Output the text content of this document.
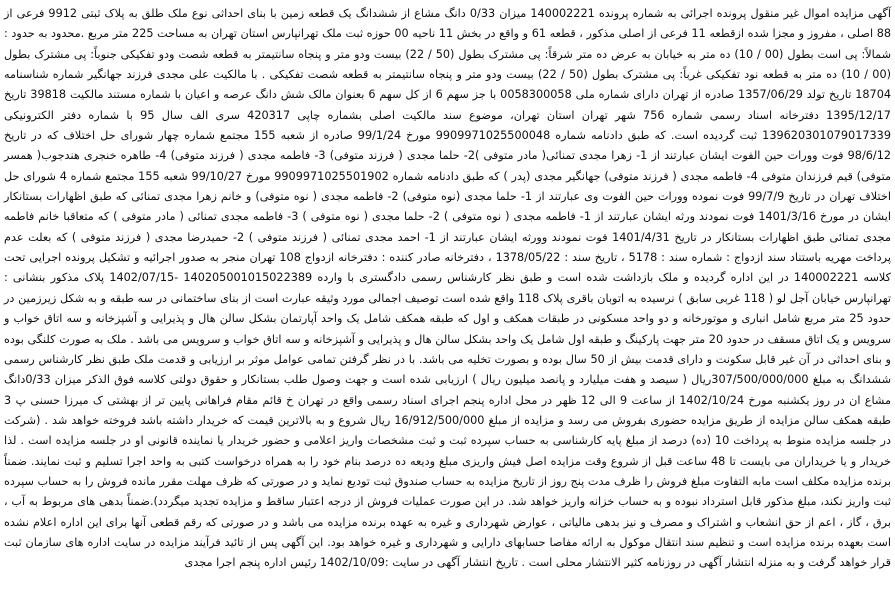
آگهی مزایده اموال غیر منقول پرونده اجرائی به شماره پرونده 140002221 میزان 0/33 دانگ مشاع از ششدانگ یک قطعه زمین با بنای احداثی نوع ملک طلق به پلاک ثبتی 9912 فرعی از 88 اصلی ، مفروز و مجزا شده ازقطعه 11 فرعی از اصلی مذکور ، قطعه 61 و واقع در بخش 11 ناحیه 00 حوزه ثبت ملک تهرانپارس استان تهران به مساحت 225 متر مربع .محدود به حدود : شمالاً: پی است بطول (00 / 10) ده متر به خیابان به عرض ده متر شرقاً: پی مشترک بطول (50 / 22) بیست ودو متر و پنجاه سانتیمتر به قطعه شصت ودو تفکیکی جنوباً: پی مشترک بطول (00 / 10) ده متر به قطعه نود تفکیکی غرباً: پی مشترک بطول (50 / 22) بیست ودو متر و پنجاه سانتیمتر به قطعه شصت تفکیکی . با مالکیت علی مجدی فرزند جهانگیر شماره شناسنامه 18704 تاریخ تولد 1357/06/29 صادره از تهران دارای شماره ملی 0058300058 با جز سهم 6 از کل سهم 6 بعنوان مالک شش دانگ عرصه و اعیان با شماره مستند مالکیت 39818 تاریخ 1395/12/17 دفترخانه اسناد رسمی شماره 756 شهر تهران استان تهران، موضوع سند مالکیت اصلی بشماره چاپی 420317 سری الف سال 95 با شماره دفتر الکترونیکی 139620301079017339 ثبت گردیده است. که طبق دادنامه شماره 9909971025500048 مورخ 99/1/24 صادره از شعبه 155 مجتمع شماره چهار شورای حل اختلاف که در تاریخ 98/6/12 فوت وورات حین الفوت ایشان عبارتند از 1- زهرا مجدی تمنائی( مادر متوفی )2- حلما مجدی ( فرزند متوفی) 3- فاطمه مجدی ( فرزند متوفی) 4- طاهره خنجری هندجوب( همسر متوفی) قیم فرزندان متوفی 4- فاطمه مجدی ( فرزند متوفی) جهانگیر مجدی (پدر ) که طبق دادنامه شماره 9909971025501902 مورخ 99/10/27 شعبه 155 مجتمع شماره 4 شورای حل اختلاف تهران در تاریخ 99/7/9 فوت نموده وورات حین الفوت وی عبارتند از 1- حلما مجدی (نوه متوفی) 2- فاطمه مجدی ( نوه متوفی) و خانم زهرا مجدی تمنائی که طبق اظهارات بستانکار ایشان در مورخ 1401/3/16 فوت نمودند ورثه ایشان عبارتند از 1- فاطمه مجدی ( نوه متوفی ) 2- حلما مجدی ( نوه متوفی ) 3- فاطمه مجدی تمنائی ( مادر متوفی ) که متعاقبا خانم فاطمه مجدی تمنائی طبق اظهارات بستانکار در تاریخ 1401/4/31 فوت نمودند وورثه ایشان عبارتند از 1- احمد مجدی تمنائی ( فرزند متوفی ) 2- حمیدرضا مجدی ( فرزند متوفی ) که بعلت عدم پرداخت مهریه باستناد سند ازدواج : شماره سند : 5178 ، تاریخ سند : 1378/05/22 ، دفترخانه صادر کننده : دفترخانه ازدواج 108 تهران منجر به صدور اجرائیه و تشکیل پرونده اجرایی تحت کلاسه 140002221 در این اداره گردیده و ملک بازداشت شده است و طبق نظر کارشناس رسمی دادگستری با وارده 140205001015022389 -1402/07/15 پلاک مذکور بنشانی : تهرانپارس خیابان آجل لو ( 118 غربی سابق ) نرسیده به اتوبان باقری پلاک 118 واقع شده است توصیف اجمالی مورد وثیقه عبارت است از بنای ساختمانی در سه طبقه و به شکل زیرزمین در حدود 25 متر مربع شامل انباری و موتورخانه و دو واحد مسکونی در طبقات همکف و اول که طبقه همکف شامل یک واحد آپارتمان بشکل سالن هال و پذیرایی و آشپزخانه و سه اتاق خواب و سرویس و یک اتاق مسقف در حدود 20 متر جهت پارکینگ و طبقه اول شامل یک واحد بشکل سالن هال و پذیرایی و آشپزخانه و سه اتاق خواب و سرویس می باشد . ملک به صورت کلنگی بوده و بنای احداثی در آن غیر قابل سکونت و دارای قدمت بیش از 50 سال بوده و بصورت تخلیه می باشد. با در نظر گرفتن تمامی عوامل موثر بر ارزیابی و قدمت ملک طبق نظر کارشناس رسمی ششدانگ به مبلغ 307/500/000/000ریال ( سیصد و هفت میلیارد و پانصد میلیون ریال ) ارزیابی شده است و جهت وصول طلب بستانکار و حقوق دولتی کلاسه فوق الذکر میزان 0/33دانگ مشاع ان در روز یکشنبه مورخ 1402/10/24 از ساعت 9 الی 12 ظهر در محل اداره پنجم اجرای اسناد رسمی واقع در تهران خ قائم مقام فراهانی پایین تر از بهشتی ک میرزا حسنی پ 3 طبقه همکف سالن مزایده از طریق مزایده حضوری بفروش می رسد و مزایده از مبلغ 16/912/500/000 ریال شروع و به بالاترین قیمت که خریدار داشته باشد فروخته خواهد شد . (شرکت در جلسه مزایده منوط به پرداخت 10 (ده) درصد از مبلغ پایه کارشناسی به حساب سپرده ثبت و ثبت مشخصات واریز اعلامی و حضور خریدار یا نماینده قانونی او در جلسه مزایده است . لذا خریدار و یا خریداران می بایست تا 48 ساعت قبل از شروع وقت مزایده اصل فیش واریزی مبلغ ودیعه ده درصد بنام خود را به همراه درخواست کتبی به واحد اجرا تسلیم و ثبت نمایند. ضمناً برنده مزایده مکلف است مابه التفاوت مبلغ فروش را ظرف مدت پنج روز از تاریخ مزایده به حساب صندوق ثبت تودیع نماید و در صورتی که ظرف مهلت مقرر مانده فروش را به حساب سپرده ثبت واریز نکند، مبلغ مذکور قابل استرداد نبوده و به حساب خزانه واریز خواهد شد. در این صورت عملیات فروش از درجه اعتبار ساقط و مزایده تجدید میگردد).ضمناً بدهی های مربوط به آب ، برق ، گاز ، اعم از حق انشعاب و اشتراک و مصرف و نیز بدهی مالیاتی ، عوارض شهرداری و غیره به عهده برنده مزایده می باشد و در صورتی که رقم قطعی آنها برای این اداره اعلام نشده است بعهده برنده مزایده است و تنظیم سند انتقال موکول به ارائه مفاصا حسابهای دارایی و شهرداری و غیره خواهد بود. این آگهی پس از تائید فرآیند مزایده در سایت اداره های سازمان ثبت قرار خواهد گرفت و به منزله انتشار آگهی در روزنامه کثیر الانتشار محلی است . تاریخ انتشار آگهی در سایت :1402/10/09 رئیس اداره پنجم اجرا مجدی
